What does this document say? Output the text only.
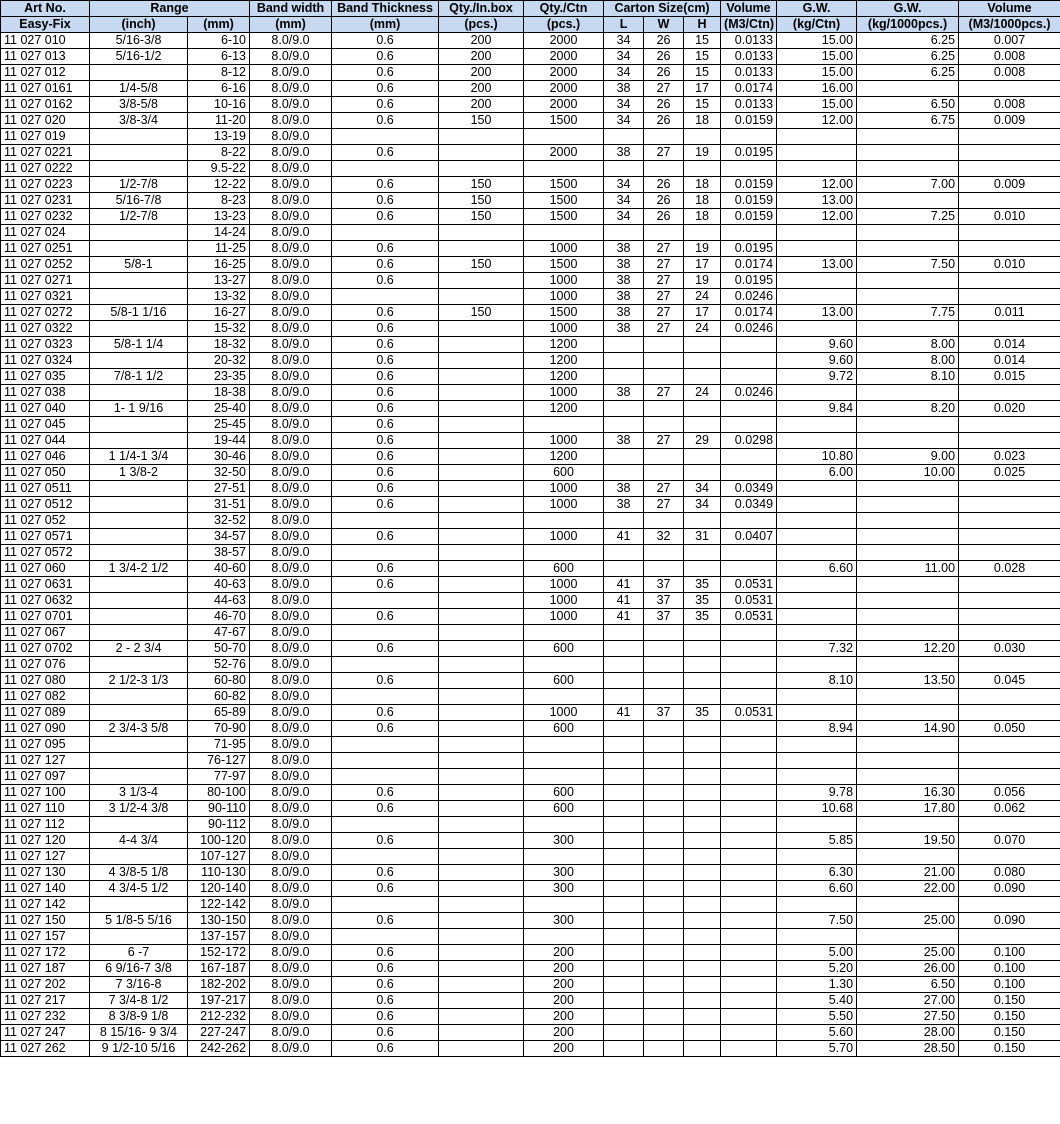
Art No.	Range		Band width	Band Thickness	Qty./In.box	Qty./Ctn	Carton Size(cm)			Volume	G.W.	G.W.	Volume
Easy-Fix	(inch)	(mm)	(mm)	(mm)	(pcs.)	(pcs.)	L	W	H	(M3/Ctn)	(kg/Ctn)	(kg/1000pcs.)	(M3/1000pcs.)
11 027 010	5/16-3/8	6-10	8.0/9.0	0.6	200	2000	34	26	15	0.0133	15.00	6.25	0.007
11 027 013	5/16-1/2	6-13	8.0/9.0	0.6	200	2000	34	26	15	0.0133	15.00	6.25	0.008
11 027 012		8-12	8.0/9.0	0.6	200	2000	34	26	15	0.0133	15.00	6.25	0.008
11 027 0161	1/4-5/8	6-16	8.0/9.0	0.6	200	2000	38	27	17	0.0174	16.00		
11 027 0162	3/8-5/8	10-16	8.0/9.0	0.6	200	2000	34	26	15	0.0133	15.00	6.50	0.008
11 027 020	3/8-3/4	11-20	8.0/9.0	0.6	150	1500	34	26	18	0.0159	12.00	6.75	0.009
11 027 019		13-19	8.0/9.0										
11 027 0221		8-22	8.0/9.0	0.6		2000	38	27	19	0.0195			
11 027 0222		9.5-22	8.0/9.0										
11 027 0223	1/2-7/8	12-22	8.0/9.0	0.6	150	1500	34	26	18	0.0159	12.00	7.00	0.009
11 027 0231	5/16-7/8	8-23	8.0/9.0	0.6	150	1500	34	26	18	0.0159	13.00		
11 027 0232	1/2-7/8	13-23	8.0/9.0	0.6	150	1500	34	26	18	0.0159	12.00	7.25	0.010
11 027 024		14-24	8.0/9.0										
11 027 0251		11-25	8.0/9.0	0.6		1000	38	27	19	0.0195			
11 027 0252	5/8-1	16-25	8.0/9.0	0.6	150	1500	38	27	17	0.0174	13.00	7.50	0.010
11 027 0271		13-27	8.0/9.0	0.6		1000	38	27	19	0.0195			
11 027 0321		13-32	8.0/9.0			1000	38	27	24	0.0246			
11 027 0272	5/8-1 1/16	16-27	8.0/9.0	0.6	150	1500	38	27	17	0.0174	13.00	7.75	0.011
11 027 0322		15-32	8.0/9.0	0.6		1000	38	27	24	0.0246			
11 027 0323	5/8-1 1/4	18-32	8.0/9.0	0.6		1200					9.60	8.00	0.014
11 027 0324		20-32	8.0/9.0	0.6		1200					9.60	8.00	0.014
11 027 035	7/8-1 1/2	23-35	8.0/9.0	0.6		1200					9.72	8.10	0.015
11 027 038		18-38	8.0/9.0	0.6		1000	38	27	24	0.0246			
11 027 040	1- 1 9/16	25-40	8.0/9.0	0.6		1200					9.84	8.20	0.020
11 027 045		25-45	8.0/9.0	0.6									
11 027 044		19-44	8.0/9.0	0.6		1000	38	27	29	0.0298			
11 027 046	1 1/4-1 3/4	30-46	8.0/9.0	0.6		1200					10.80	9.00	0.023
11 027 050	1 3/8-2	32-50	8.0/9.0	0.6		600					6.00	10.00	0.025
11 027 0511		27-51	8.0/9.0	0.6		1000	38	27	34	0.0349			
11 027 0512		31-51	8.0/9.0	0.6		1000	38	27	34	0.0349			
11 027 052		32-52	8.0/9.0										
11 027 0571		34-57	8.0/9.0	0.6		1000	41	32	31	0.0407			
11 027 0572		38-57	8.0/9.0										
11 027 060	1 3/4-2 1/2	40-60	8.0/9.0	0.6		600					6.60	11.00	0.028
11 027 0631		40-63	8.0/9.0	0.6		1000	41	37	35	0.0531			
11 027 0632		44-63	8.0/9.0			1000	41	37	35	0.0531			
11 027 0701		46-70	8.0/9.0	0.6		1000	41	37	35	0.0531			
11 027 067		47-67	8.0/9.0										
11 027 0702	2 - 2 3/4	50-70	8.0/9.0	0.6		600					7.32	12.20	0.030
11 027 076		52-76	8.0/9.0										
11 027 080	2 1/2-3 1/3	60-80	8.0/9.0	0.6		600					8.10	13.50	0.045
11 027 082		60-82	8.0/9.0										
11 027 089		65-89	8.0/9.0	0.6		1000	41	37	35	0.0531			
11 027 090	2 3/4-3 5/8	70-90	8.0/9.0	0.6		600					8.94	14.90	0.050
11 027 095		71-95	8.0/9.0										
11 027 127		76-127	8.0/9.0										
11 027 097		77-97	8.0/9.0										
11 027 100	3 1/3-4	80-100	8.0/9.0	0.6		600					9.78	16.30	0.056
11 027 110	3 1/2-4 3/8	90-110	8.0/9.0	0.6		600					10.68	17.80	0.062
11 027 112		90-112	8.0/9.0										
11 027 120	4-4 3/4	100-120	8.0/9.0	0.6		300					5.85	19.50	0.070
11 027 127		107-127	8.0/9.0										
11 027 130	4 3/8-5 1/8	110-130	8.0/9.0	0.6		300					6.30	21.00	0.080
11 027 140	4 3/4-5 1/2	120-140	8.0/9.0	0.6		300					6.60	22.00	0.090
11 027 142		122-142	8.0/9.0										
11 027 150	5 1/8-5 5/16	130-150	8.0/9.0	0.6		300					7.50	25.00	0.090
11 027 157		137-157	8.0/9.0										
11 027 172	6 -7	152-172	8.0/9.0	0.6		200					5.00	25.00	0.100
11 027 187	6 9/16-7 3/8	167-187	8.0/9.0	0.6		200					5.20	26.00	0.100
11 027 202	7 3/16-8	182-202	8.0/9.0	0.6		200					1.30	6.50	0.100
11 027 217	7 3/4-8 1/2	197-217	8.0/9.0	0.6		200					5.40	27.00	0.150
11 027 232	8 3/8-9 1/8	212-232	8.0/9.0	0.6		200					5.50	27.50	0.150
11 027 247	8 15/16- 9 3/4	227-247	8.0/9.0	0.6		200					5.60	28.00	0.150
11 027 262	9 1/2-10 5/16	242-262	8.0/9.0	0.6		200					5.70	28.50	0.150
